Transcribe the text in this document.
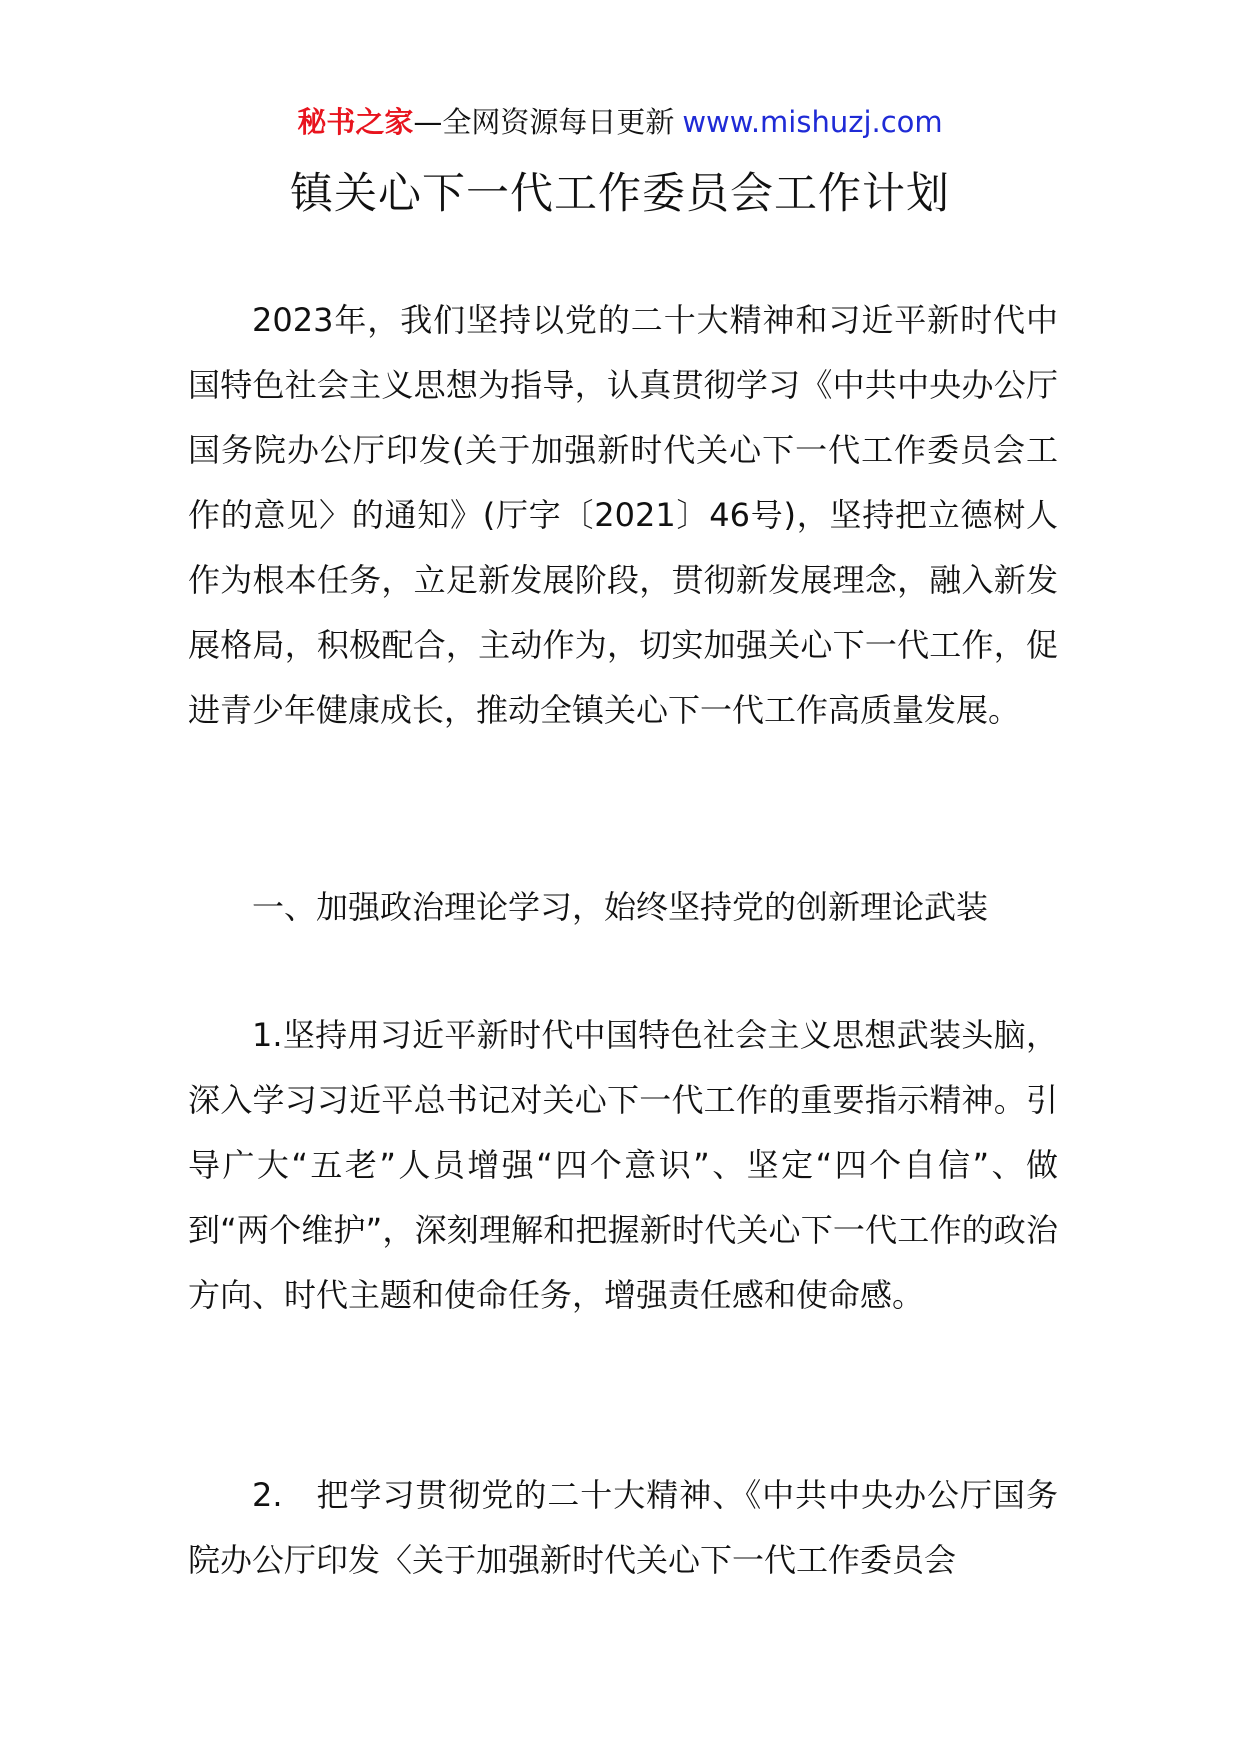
秘书之家—全网资源每日更新 www.mishuzj.com
镇关心下一代工作委员会工作计划

2023年，我们坚持以党的二十大精神和习近平新时代中国特色社会主义思想为指导，认真贯彻学习《中共中央办公厅国务院办公厅印发(关于加强新时代关心下一代工作委员会工作的意见〉的通知》(厅字〔2021〕46号)，坚持把立德树人作为根本任务，立足新发展阶段，贯彻新发展理念，融入新发展格局，积极配合，主动作为，切实加强关心下一代工作，促进青少年健康成长，推动全镇关心下一代工作高质量发展。

一、加强政治理论学习，始终坚持党的创新理论武装

1.坚持用习近平新时代中国特色社会主义思想武装头脑，深入学习习近平总书记对关心下一代工作的重要指示精神。引导广大“五老”人员增强“四个意识”、坚定“四个自信”、做到“两个维护”，深刻理解和把握新时代关心下一代工作的政治方向、时代主题和使命任务，增强责任感和使命感。

2.　把学习贯彻党的二十大精神、《中共中央办公厅国务院办公厅印发〈关于加强新时代关心下一代工作委员会
